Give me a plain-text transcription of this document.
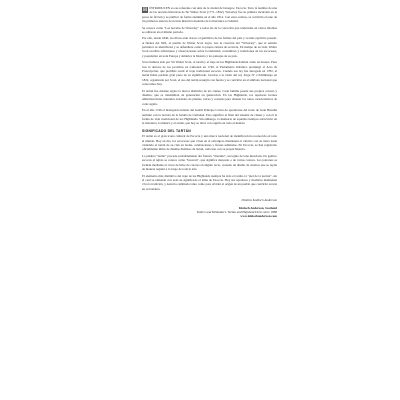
H ÍNTRODUCEN es ese referente con unte de la ciudad de Glasgow. Escocia. Tuvo la nombre de una de las novelas históricas de Sir Walter Scott (1771–1832). Waverley fue su primera incursión en la prosa de ficción y se publicó de forma anónima en el año 1814. Con estos relatos, se convirtió en uno de los primeros autores de novela histórica moderna de la literatura occidental.

Se conoce como "Las novelas de Waverley" a todas las de la colección que traducidas en varios idiomas se editaron en el mismo periodo.

Por ello, desde 1840, los libros eran claros: el gentilicio de las formas del país y su más explícito pasado. A finales del XIX, el pueblo de Walter Scott logró, tras la creación del "Waverley", que el sentido patriótico se identificara y se defendiera como la propia cultura de su tierra. En tiempo de su vida, Walter Scott escribió reflexiones y observaciones sobre la identidad, costumbres y tradiciones de los escoceses, y popularizó en toda Europa y América la historia y los paisajes de su país.

Si no hubiera sido por Sir Walter Scott, el tartán y el traje de los Highlands habrían caído en desuso. Pues tras la derrota de los jacobitas en Culloden en 1746, el Parlamento británico promulgó el Acta de Proscripción, que prohibía vestir el traje tradicional escocés. Cuando esa ley fue derogada en 1782, el tartán había perdido gran parte de su significado. Gracias a la visita del rey Jorge IV a Edimburgo en 1822, organizada por Scott, el uso del tartán resurgió con fuerza y se convirtió en el símbolo nacional que conocemos hoy.

El tartán fue durante siglos la marca distintiva de los clanes. Cada familia poseía sus propios colores y diseños, que se transmitían de generación en generación. En las Highlands, los tejedores locales utilizaban tintes naturales extraídos de plantas, raíces y cortezas para obtener los tonos característicos de cada región.

En el año 1746 el malogrado intento del Gentil Príncipe Carlos de apoderarse del trono de Gran Bretaña terminó con la derrota de la batalla de Culloden. Esto significó el final del sistema de clanes y con él la forma de vida tradicional de los Highlands. Sin embargo, la memoria de aquellos tiempos sobrevivió en la literatura, la música y el tartán, que hoy se lleva con orgullo en todo el mundo.

SIGNIFICADO DEL TARTÁN

El tartán es el gran icono cultural de Escocia y una marca nacional de identificación reconocida en todo el mundo. Hoy en día, los escoceses que viven en el extranjero mantienen el vínculo con su tierra natal vistiendo el tartán de su clan en bodas, celebraciones y fiestas señaladas. En Escocia, se han registrado oficialmente miles de diseños distintos de tartán, cada uno con su propia historia.

La palabra "tartán" procede probablemente del francés "tiretaine", un tejido de lana mezclada. En gaélico escocés el tejido se conoce como "breacan", que significa moteado o de varios colores. Los patrones se forman mediante el cruce de hilos de colores en ángulo recto, creando un diseño de cuadros que se repite de manera regular a lo largo de toda la tela.

El elemento más distintivo del traje de las Highlands siempre ha sido el tartán, la "piel de la nación", sin el cual se entiende con todo su significado el alma de Escocia. Hoy sus tejedores y modistas mantienen viva la tradición, y nada ha cambiado tanto como para olvidar el origen de un pueblo que convirtió su tela en su bandera.

Dimitra Kubisch Anderson
Kinloch Anderson, Scotland
Tailors and Kiltmakers. Tartan and Highland Dress since 1868
www.kinlochanderson.com
